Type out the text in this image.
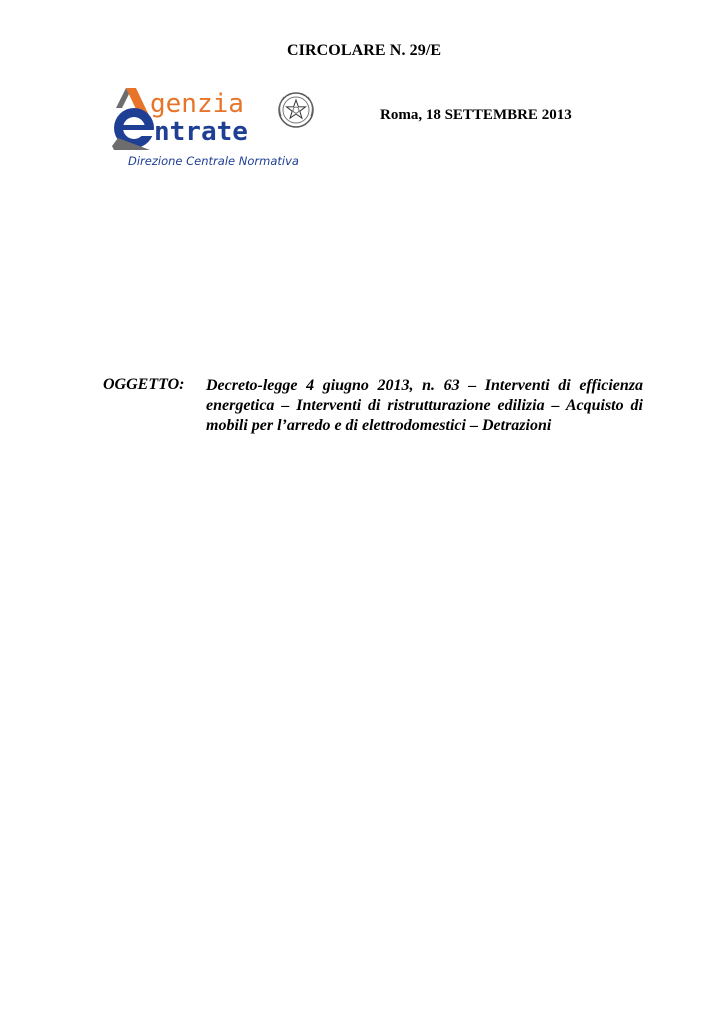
CIRCOLARE N. 29/E
genzia
ntrate
Direzione Centrale Normativa
Roma, 18 SETTEMBRE 2013
OGGETTO: Decreto-legge 4 giugno 2013, n. 63 – Interventi di efficienza energetica – Interventi di ristrutturazione edilizia – Acquisto di mobili per l’arredo e di elettrodomestici – Detrazioni
